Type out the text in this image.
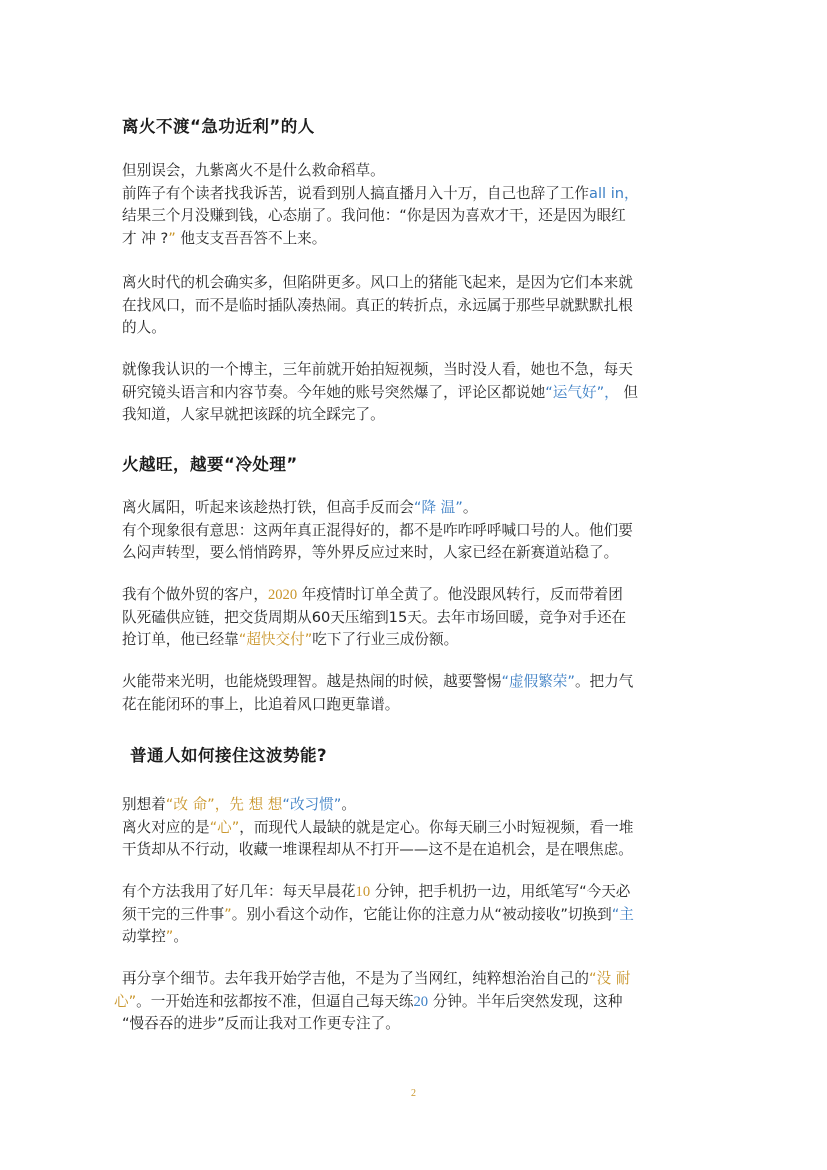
离火不渡“急功近利”的人
但别误会，九紫离火不是什么救命稻草。
前阵子有个读者找我诉苦，说看到别人搞直播月入十万，自己也辞了工作all in，
结果三个月没赚到钱，心态崩了。我问他：“你是因为喜欢才干，还是因为眼红
才 冲 ?” 他支支吾吾答不上来。
离火时代的机会确实多，但陷阱更多。风口上的猪能飞起来，是因为它们本来就
在找风口，而不是临时插队凑热闹。真正的转折点，永远属于那些早就默默扎根
的人。
就像我认识的一个博主，三年前就开始拍短视频，当时没人看，她也不急，每天
研究镜头语言和内容节奏。今年她的账号突然爆了，评论区都说她“运气好”， 但
我知道，人家早就把该踩的坑全踩完了。
火越旺，越要“冷处理”
离火属阳，听起来该趁热打铁，但高手反而会“降 温”。
有个现象很有意思：这两年真正混得好的，都不是咋咋呼呼喊口号的人。他们要
么闷声转型，要么悄悄跨界，等外界反应过来时，人家已经在新赛道站稳了。
我有个做外贸的客户，2020 年疫情时订单全黄了。他没跟风转行，反而带着团
队死磕供应链，把交货周期从60天压缩到15天。去年市场回暖，竞争对手还在
抢订单，他已经靠“超快交付”吃下了行业三成份额。
火能带来光明，也能烧毁理智。越是热闹的时候，越要警惕“虚假繁荣”。把力气
花在能闭环的事上，比追着风口跑更靠谱。
普通人如何接住这波势能?
别想着“改 命”，先 想 想“改习惯”。
离火对应的是“心”，而现代人最缺的就是定心。你每天刷三小时短视频，看一堆
干货却从不行动，收藏一堆课程却从不打开——这不是在追机会，是在喂焦虑。
有个方法我用了好几年：每天早晨花10 分钟，把手机扔一边，用纸笔写“今天必
须干完的三件事”。别小看这个动作，它能让你的注意力从“被动接收”切换到“主
动掌控”。
再分享个细节。去年我开始学吉他，不是为了当网红，纯粹想治治自己的“没 耐
心”。一开始连和弦都按不准，但逼自己每天练20 分钟。半年后突然发现，这种
“慢吞吞的进步”反而让我对工作更专注了。
2
